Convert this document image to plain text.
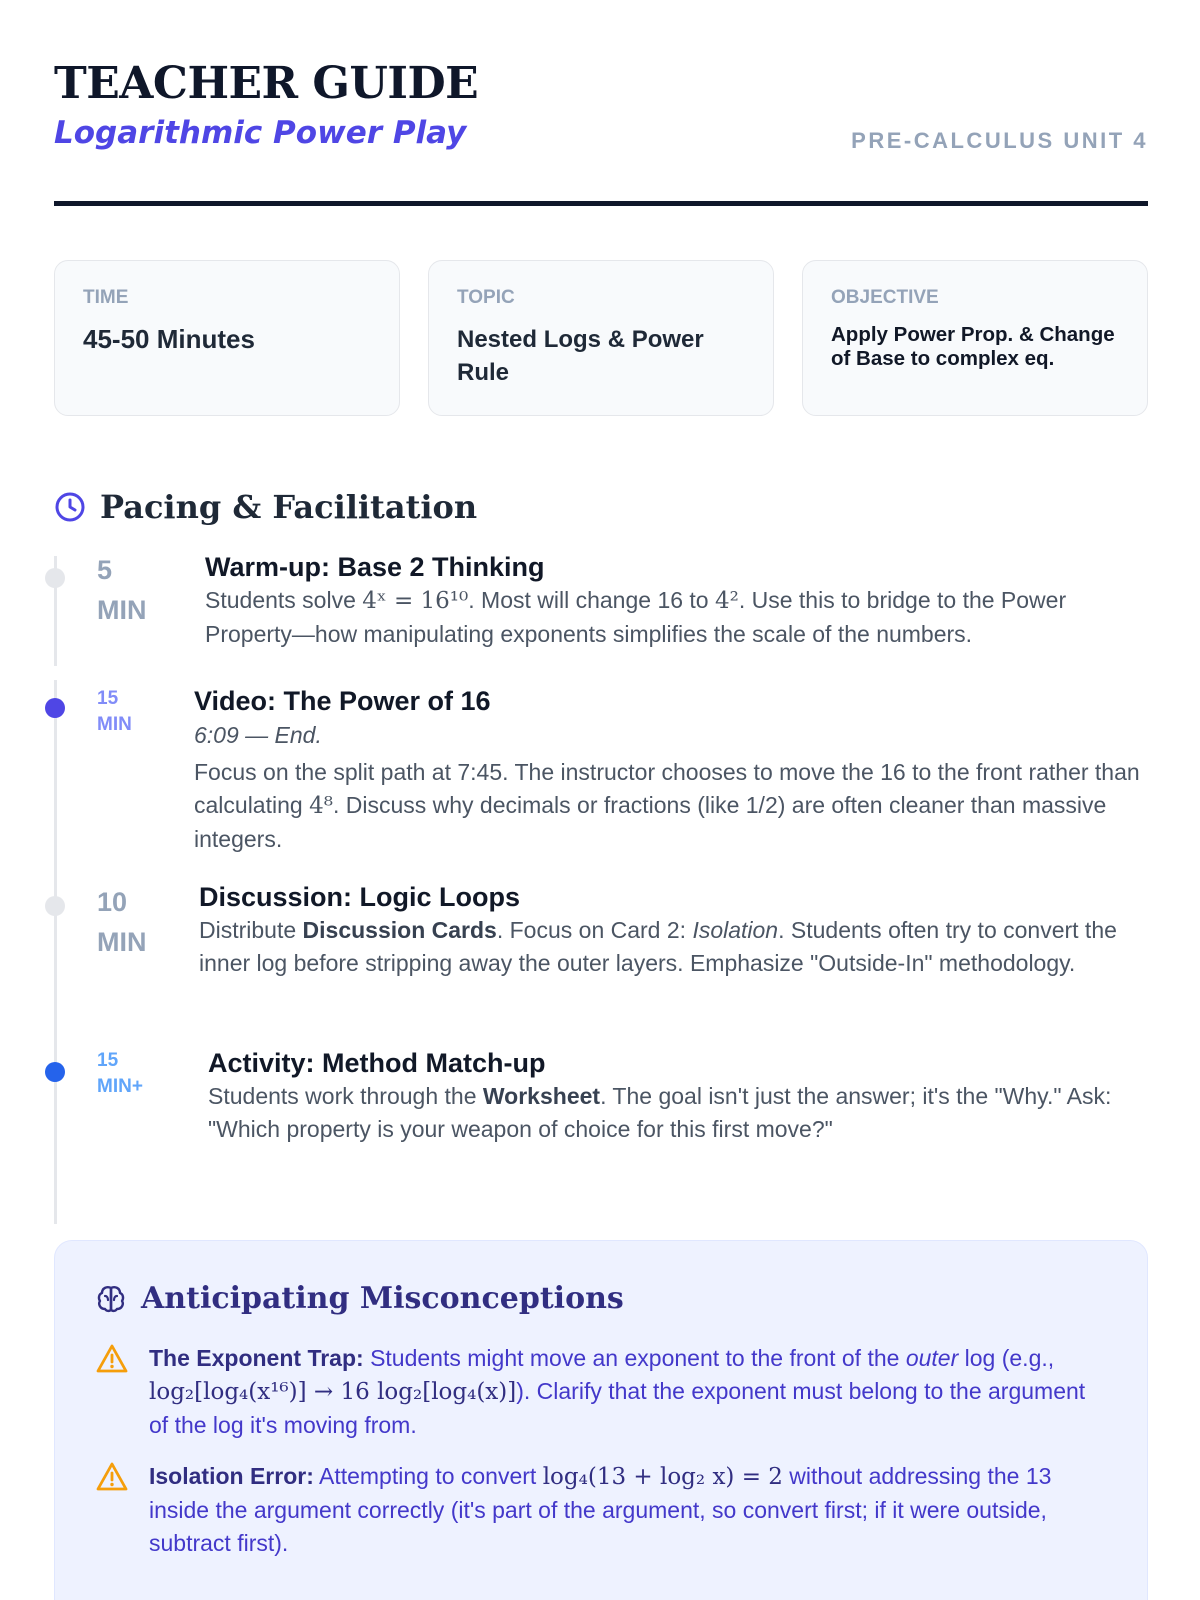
TEACHER GUIDE
Logarithmic Power Play	PRE-CALCULUS UNIT 4
TIME
45-50 Minutes
TOPIC
Nested Logs & Power Rule
OBJECTIVE
Apply Power Prop. & Change of Base to complex eq.
Pacing & Facilitation
5 MIN
Warm-up: Base 2 Thinking
Students solve 4ˣ = 16¹⁰. Most will change 16 to 4². Use this to bridge to the Power Property—how manipulating exponents simplifies the scale of the numbers.
15 MIN
Video: The Power of 16
6:09 — End.
Focus on the split path at 7:45. The instructor chooses to move the 16 to the front rather than calculating 4⁸. Discuss why decimals or fractions (like 1/2) are often cleaner than massive integers.
10 MIN
Discussion: Logic Loops
Distribute Discussion Cards. Focus on Card 2: Isolation. Students often try to convert the inner log before stripping away the outer layers. Emphasize "Outside-In" methodology.
15 MIN+
Activity: Method Match-up
Students work through the Worksheet. The goal isn't just the answer; it's the "Why." Ask: "Which property is your weapon of choice for this first move?"
Anticipating Misconceptions
The Exponent Trap: Students might move an exponent to the front of the outer log (e.g., log₂[log₄(x¹⁶)] → 16 log₂[log₄(x)]). Clarify that the exponent must belong to the argument of the log it's moving from.
Isolation Error: Attempting to convert log₄(13 + log₂ x) = 2 without addressing the 13 inside the argument correctly (it's part of the argument, so convert first; if it were outside, subtract first).
